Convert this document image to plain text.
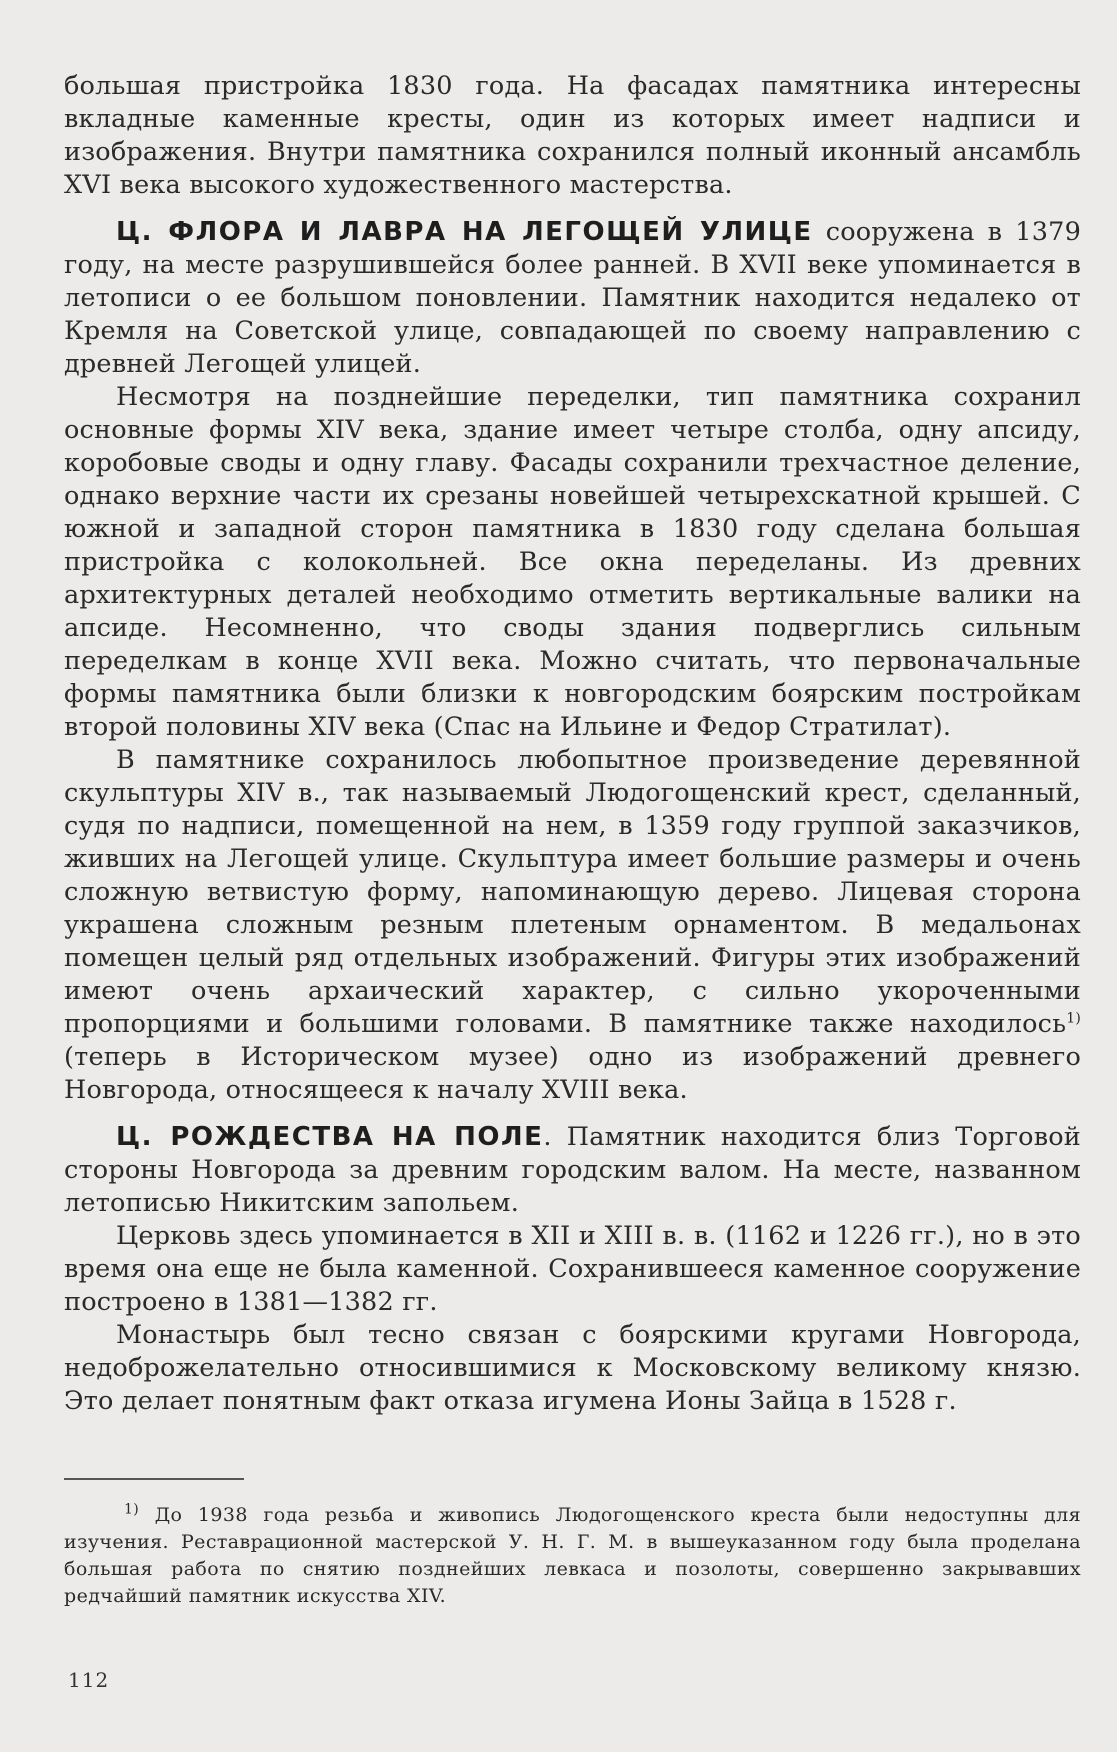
большая пристройка 1830 года. На фасадах памятника интересны вкладные каменные кресты, один из которых имеет надписи и изображения. Внутри памятника сохранился полный иконный ансамбль XVI века высокого художественного мастерства.

Ц. ФЛОРА И ЛАВРА НА ЛЕГОЩЕЙ УЛИЦЕ сооружена в 1379 году, на месте разрушившейся более ранней. В XVII веке упоминается в летописи о ее большом поновлении. Памятник находится недалеко от Кремля на Советской улице, совпадающей по своему направлению с древней Легощей улицей.

Несмотря на позднейшие переделки, тип памятника сохранил основные формы XIV века, здание имеет четыре столба, одну апсиду, коробовые своды и одну главу. Фасады сохранили трехчастное деление, однако верхние части их срезаны новейшей четырехскатной крышей. С южной и западной сторон памятника в 1830 году сделана большая пристройка с колокольней. Все окна переделаны. Из древних архитектурных деталей необходимо отметить вертикальные валики на апсиде. Несомненно, что своды здания подверглись сильным переделкам в конце XVII века. Можно считать, что первоначальные формы памятника были близки к новгородским боярским постройкам второй половины XIV века (Спас на Ильине и Федор Стратилат).

В памятнике сохранилось любопытное произведение деревянной скульптуры XIV в., так называемый Людогощенский крест, сделанный, судя по надписи, помещенной на нем, в 1359 году группой заказчиков, живших на Легощей улице. Скульптура имеет большие размеры и очень сложную ветвистую форму, напоминающую дерево. Лицевая сторона украшена сложным резным плетеным орнаментом. В медальонах помещен целый ряд отдельных изображений. Фигуры этих изображений имеют очень архаический характер, с сильно укороченными пропорциями и большими головами. В памятнике также находилось$^{1)}$ (теперь в Историческом музее) одно из изображений древнего Новгорода, относящееся к началу XVIII века.

Ц. РОЖДЕСТВА НА ПОЛЕ. Памятник находится близ Торговой стороны Новгорода за древним городским валом. На месте, названном летописью Никитским запольем.

Церковь здесь упоминается в XII и XIII в. в. (1162 и 1226 гг.), но в это время она еще не была каменной. Сохранившееся каменное сооружение построено в 1381—1382 гг.

Монастырь был тесно связан с боярскими кругами Новгорода, недоброжелательно относившимися к Московскому великому князю. Это делает понятным факт отказа игумена Ионы Зайца в 1528 г.

$^{1)}$ До 1938 года резьба и живопись Людогощенского креста были недоступны для изучения. Реставрационной мастерской У. Н. Г. М. в вышеуказанном году была проделана большая работа по снятию позднейших левкаса и позолоты, совершенно закрывавших редчайший памятник искусства XIV.

112
